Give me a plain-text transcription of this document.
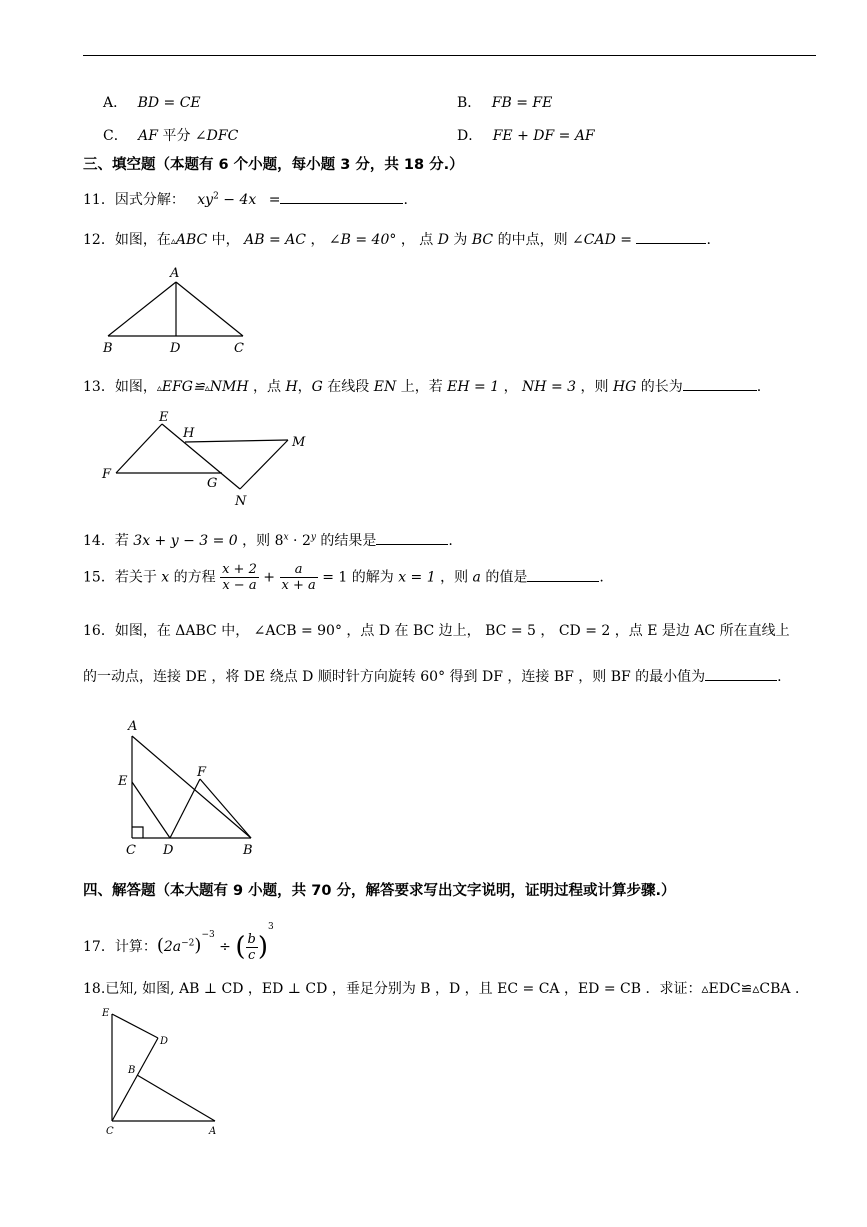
A． BD = CE	B． FB = FE
C． AF 平分 ∠DFC	D． FE + DF = AF
三、填空题（本题有 6 个小题，每小题 3 分，共 18 分.）
11．因式分解： $xy^2 - 4x$ =	.
12．如图，在▵ABC 中， AB = AC ， ∠B = 40° ， 点 D 为 BC 的中点，则 ∠CAD =	.
A
B	D	C
13．如图，▵EFG≌▵NMH ，点 H，G 在线段 EN 上，若 EH = 1 ， NH = 3 ，则 HG 的长为	.
E
H
M
F
G
N
14．若 3x + y − 3 = 0 ，则 $8^x \cdot 2^y$ 的结果是	.
15．若关于 x 的方程 $\frac{x + 2}{x - a} + \frac{a}{x + a} = 1$ 的解为 x = 1 ，则 a 的值是	.
16．如图，在 ΔABC 中， ∠ACB = 90° ，点 D 在 BC 边上， BC = 5 ， CD = 2 ，点 E 是边 AC 所在直线上
的一动点，连接 DE ，将 DE 绕点 D 顺时针方向旋转 60° 得到 DF ，连接 BF ，则 BF 的最小值为	.
A
E
F
C D	B
四、解答题（本大题有 9 小题，共 70 分，解答要求写出文字说明，证明过程或计算步骤.）
17．计算：$(2a^{-2})^{-3}$ ÷ ( $\frac{b}{c} )^3$
18.已知, 如图, AB ⊥ CD ，ED ⊥ CD ，垂足分别为 B ，D ，且 EC = CA ，ED = CB ．求证：▵EDC≌▵CBA ．
E
D
B
C	A
